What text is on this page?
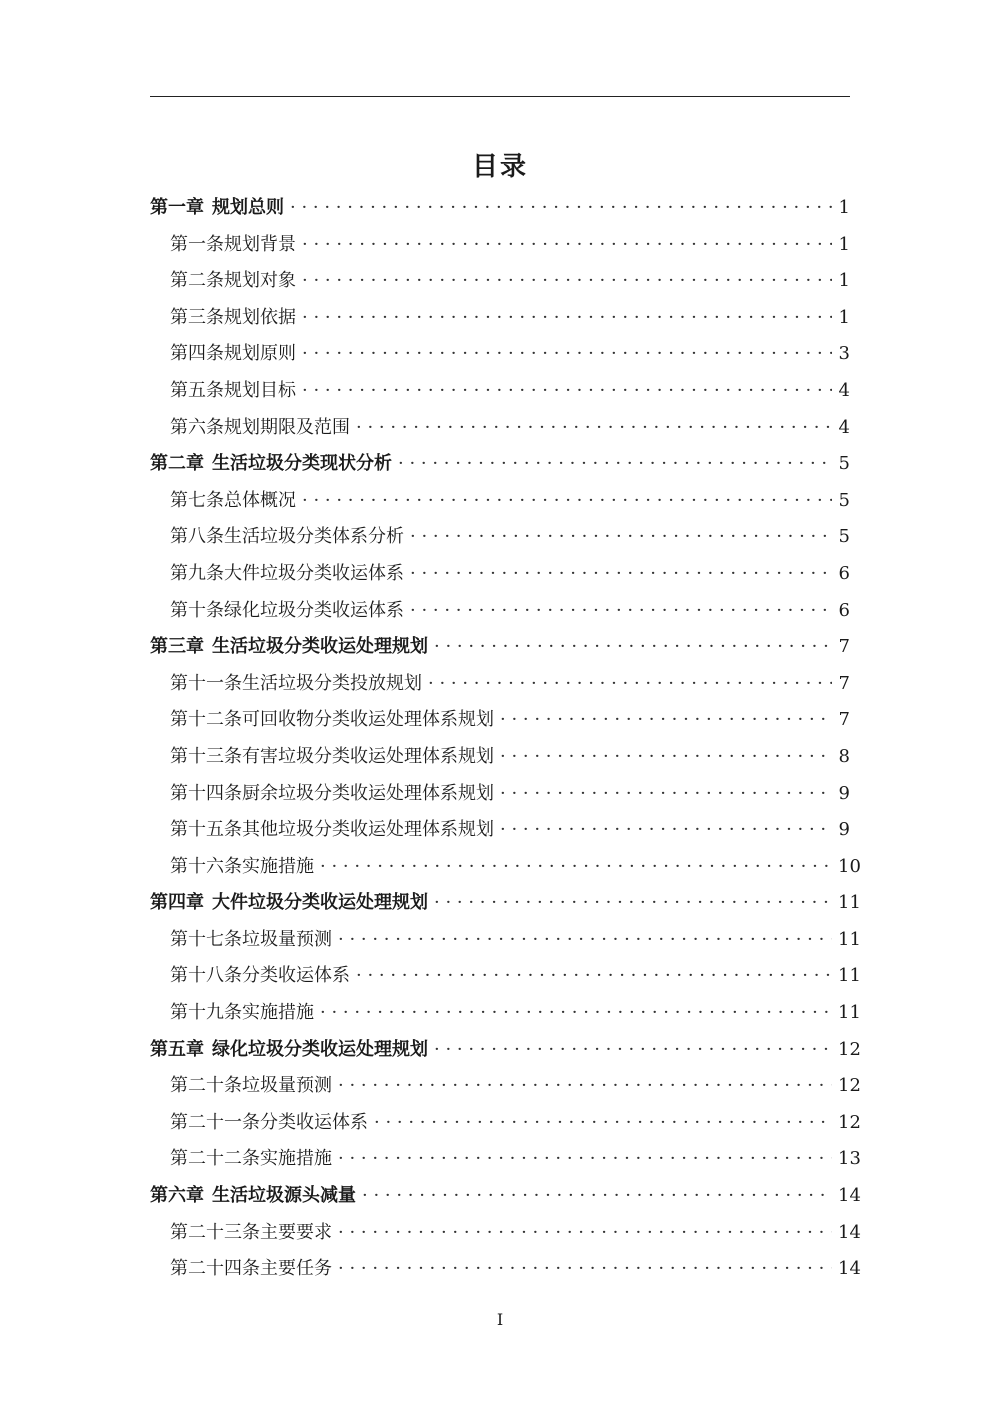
目录
第一章 规划总则 · · ·	1
第一条 规划背景 · · ·	1
第二条 规划对象 · · ·	1
第三条 规划依据 · · ·	1
第四条 规划原则 · · ·	3
第五条 规划目标 · · ·	4
第六条 规划期限及范围 · · ·	4
第二章 生活垃圾分类现状分析 · · ·	5
第七条 总体概况 · · ·	5
第八条 生活垃圾分类体系分析 · · ·	5
第九条 大件垃圾分类收运体系 · · ·	6
第十条 绿化垃圾分类收运体系 · · ·	6
第三章 生活垃圾分类收运处理规划 · · ·	7
第十一条 生活垃圾分类投放规划 · · ·	7
第十二条 可回收物分类收运处理体系规划 · · ·	7
第十三条 有害垃圾分类收运处理体系规划 · · ·	8
第十四条 厨余垃圾分类收运处理体系规划 · · ·	9
第十五条 其他垃圾分类收运处理体系规划 · · ·	9
第十六条 实施措施 · · ·	10
第四章 大件垃圾分类收运处理规划 · · ·	11
第十七条 垃圾量预测 · · ·	11
第十八条 分类收运体系 · · ·	11
第十九条 实施措施 · · ·	11
第五章 绿化垃圾分类收运处理规划 · · ·	12
第二十条 垃圾量预测 · · ·	12
第二十一条 分类收运体系 · · ·	12
第二十二条 实施措施 · · ·	13
第六章 生活垃圾源头减量 · · ·	14
第二十三条 主要要求 · · ·	14
第二十四条 主要任务 · · ·	14
I
